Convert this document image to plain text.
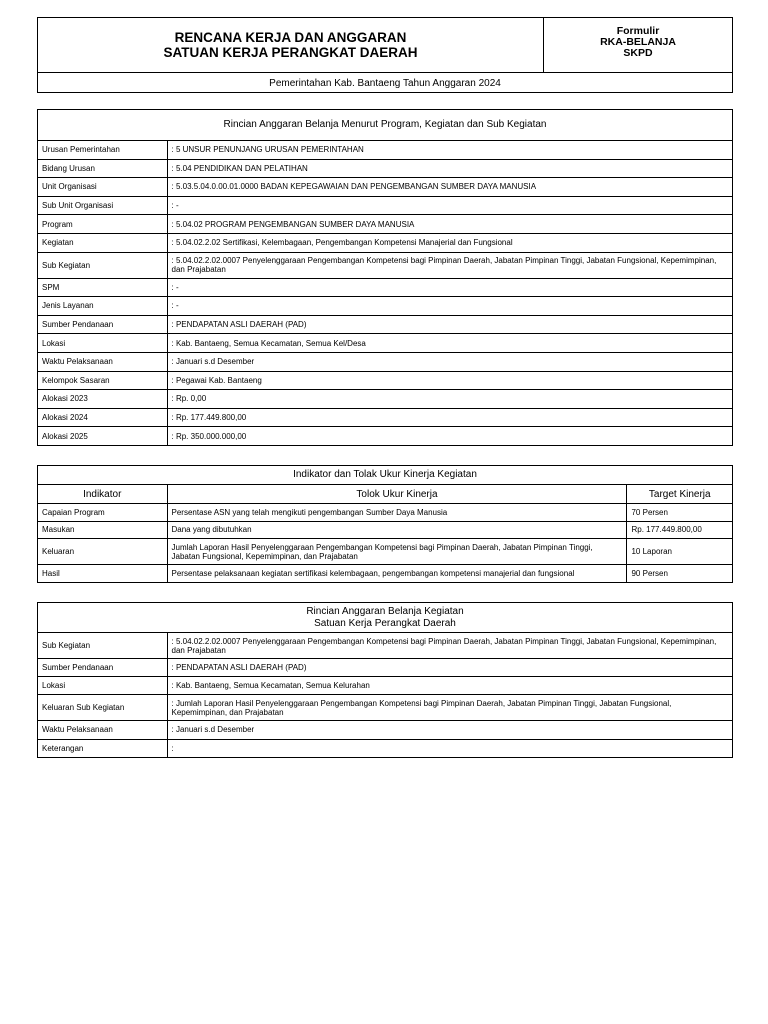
RENCANA KERJA DAN ANGGARAN
SATUAN KERJA PERANGKAT DAERAH

Formulir
RKA-BELANJA
SKPD

Pemerintahan Kab. Bantaeng Tahun Anggaran 2024
Rincian Anggaran Belanja Menurut Program, Kegiatan dan Sub Kegiatan	
Urusan Pemerintahan	: 5 UNSUR PENUNJANG URUSAN PEMERINTAHAN
Bidang Urusan	: 5.04 PENDIDIKAN DAN PELATIHAN
Unit Organisasi	: 5.03.5.04.0.00.01.0000 BADAN KEPEGAWAIAN DAN PENGEMBANGAN SUMBER DAYA MANUSIA
Sub Unit Organisasi	: -
Program	: 5.04.02 PROGRAM PENGEMBANGAN SUMBER DAYA MANUSIA
Kegiatan	: 5.04.02.2.02 Sertifikasi, Kelembagaan, Pengembangan Kompetensi Manajerial dan Fungsional
Sub Kegiatan	: 5.04.02.2.02.0007 Penyelenggaraan Pengembangan Kompetensi bagi Pimpinan Daerah, Jabatan Pimpinan Tinggi, Jabatan Fungsional, Kepemimpinan, dan Prajabatan
SPM	: -
Jenis Layanan	: -
Sumber Pendanaan	: PENDAPATAN ASLI DAERAH (PAD)
Lokasi	: Kab. Bantaeng, Semua Kecamatan, Semua Kel/Desa
Waktu Pelaksanaan	: Januari s.d Desember
Kelompok Sasaran	: Pegawai Kab. Bantaeng
Alokasi 2023	: Rp. 0,00
Alokasi 2024	: Rp. 177.449.800,00
Alokasi 2025	: Rp. 350.000.000,00
Indikator dan Tolak Ukur Kinerja Kegiatan		
Indikator	Tolok Ukur Kinerja	Target Kinerja
Capaian Program	Persentase ASN yang telah mengikuti pengembangan Sumber Daya Manusia	70 Persen
Masukan	Dana yang dibutuhkan	Rp. 177.449.800,00
Keluaran	Jumlah Laporan Hasil Penyelenggaraan Pengembangan Kompetensi bagi Pimpinan Daerah, Jabatan Pimpinan Tinggi, Jabatan Fungsional, Kepemimpinan, dan Prajabatan	10 Laporan
Hasil	Persentase pelaksanaan kegiatan sertifikasi kelembagaan, pengembangan kompetensi manajerial dan fungsional	90 Persen
Rincian Anggaran Belanja Kegiatan
Satuan Kerja Perangkat Daerah	

Sub Kegiatan	: 5.04.02.2.02.0007 Penyelenggaraan Pengembangan Kompetensi bagi Pimpinan Daerah, Jabatan Pimpinan Tinggi, Jabatan Fungsional, Kepemimpinan, dan Prajabatan
Sumber Pendanaan	: PENDAPATAN ASLI DAERAH (PAD)
Lokasi	: Kab. Bantaeng, Semua Kecamatan, Semua Kelurahan
Keluaran Sub Kegiatan	: Jumlah Laporan Hasil Penyelenggaraan Pengembangan Kompetensi bagi Pimpinan Daerah, Jabatan Pimpinan Tinggi, Jabatan Fungsional, Kepemimpinan, dan Prajabatan
Waktu Pelaksanaan	: Januari s.d Desember
Keterangan	:
